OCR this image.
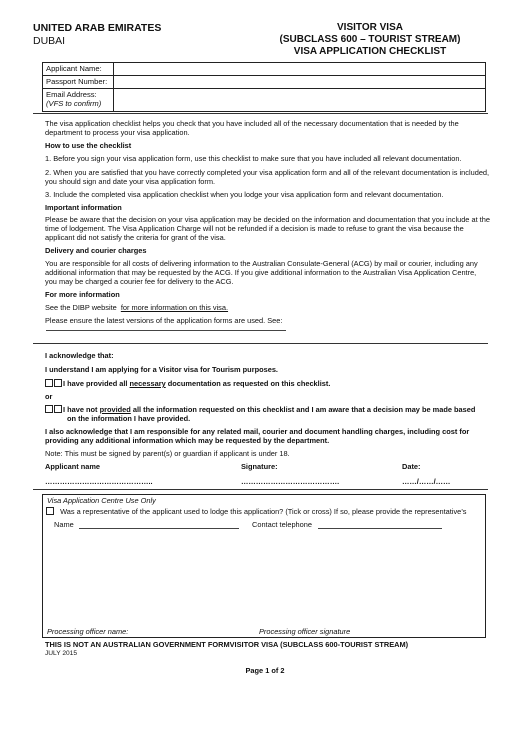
UNITED ARAB EMIRATES
DUBAI
VISITOR VISA
(SUBCLASS 600 – TOURIST STREAM)
VISA APPLICATION CHECKLIST
Applicant Name:	
Passport Number:	

Email Address:
(VFS to confirm)	

The visa application checklist helps you check that you have included all of the necessary documentation that is needed by the department to process your visa application.
How to use the checklist
1. Before you sign your visa application form, use this checklist to make sure that you have included all relevant documentation.
2. When you are satisfied that you have correctly completed your visa application form and all of the relevant documentation is included, you should sign and date your visa application form.
3. Include the completed visa application checklist when you lodge your visa application form and relevant documentation.
Important information
Please be aware that the decision on your visa application may be decided on the information and documentation that you include at the time of lodgement. The Visa Application Charge will not be refunded if a decision is made to refuse to grant the visa because the applicant did not satisfy the criteria for grant of the visa.
Delivery and courier charges
You are responsible for all costs of delivering information to the Australian Consulate-General (ACG) by mail or courier, including any additional information that may be requested by the ACG. If you give additional information to the Australian Visa Application Centre, you may be charged a courier fee for delivery to the ACG.
For more information
See the DIBP website for more information on this visa.
Please ensure the latest versions of the application forms are used. See:
I acknowledge that:
I understand I am applying for a Visitor visa for Tourism purposes.
I have provided all necessary documentation as requested on this checklist.
or
I have not provided all the information requested on this checklist and I am aware that a decision may be made based
on the information I have provided.
I also acknowledge that I am responsible for any related mail, courier and document handling charges, including cost for providing any additional information which may be requested by the department.
Note: This must be signed by parent(s) or guardian if applicant is under 18.
Applicant name	Signature:	Date:
……………………………………..	………………………………….	……/……/……
Visa Application Centre Use Only
Was a representative of the applicant used to lodge this application? (Tick or cross) If so, please provide the representative’s
Name	Contact telephone
Processing officer name:	Processing officer signature
THIS IS NOT AN AUSTRALIAN GOVERNMENT FORMVISITOR VISA (SUBCLASS 600-TOURIST STREAM)
JULY 2015
Page 1 of 2
